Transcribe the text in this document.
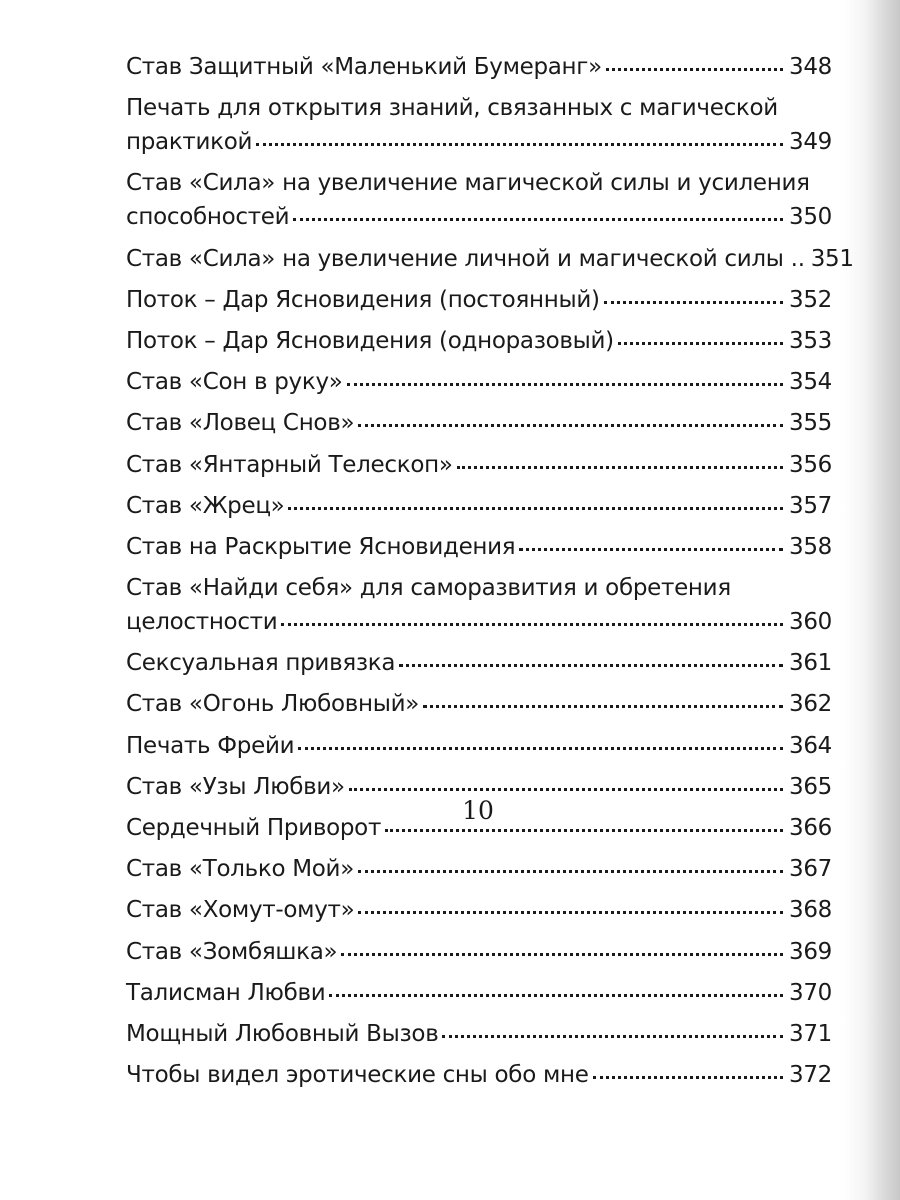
Став Защитный «Маленький Бумеранг»	348
Печать для открытия знаний, связанных с магической
практикой	349
Став «Сила» на увеличение магической силы и усиления
способностей	350
Став «Сила» на увеличение личной и магической силы .. 351
Поток – Дар Ясновидения (постоянный)	352
Поток – Дар Ясновидения (одноразовый)	353
Став «Сон в руку»	354
Став «Ловец Снов»	355
Став «Янтарный Телескоп»	356
Став «Жрец»	357
Став на Раскрытие Ясновидения	358
Став «Найди себя» для саморазвития и обретения
целостности	360
Сексуальная привязка	361
Став «Огонь Любовный»	362
Печать Фрейи	364
Став «Узы Любви»	365
Сердечный Приворот	366
Став «Только Мой»	367
Став «Хомут-омут»	368
Став «Зомбяшка»	369
Талисман Любви	370
Мощный Любовный Вызов	371
Чтобы видел эротические сны обо мне	372
10
